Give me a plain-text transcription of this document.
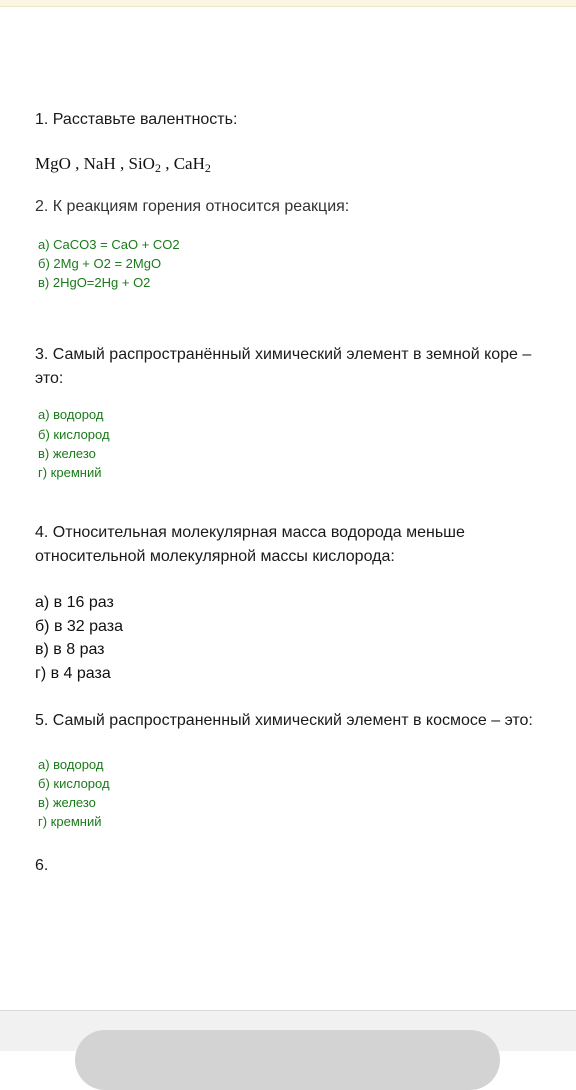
1. Расставьте валентность:
MgO , NaH , SiO$_2$ , CaH$_2$
2. К реакциям горения относится реакция:
а) CaCO3 = CaO + CO2
б) 2Mg + O2 = 2MgO
в) 2HgO=2Hg + O2
3. Самый распространённый химический элемент в земной коре –
это:
а) водород
б) кислород
в) железо
г) кремний
4. Относительная молекулярная масса водорода меньше
относительной молекулярной массы кислорода:
а) в 16 раз
б) в 32 раза
в) в 8 раз
г) в 4 раза
5. Самый распространенный химический элемент в космосе – это:
а) водород
б) кислород
в) железо
г) кремний
6.
